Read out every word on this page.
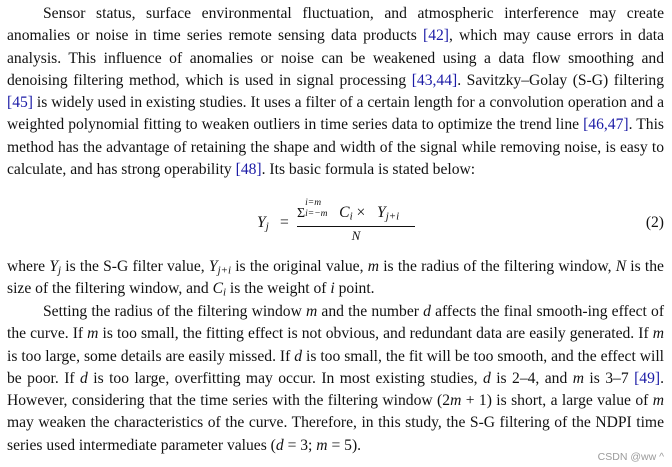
Sensor status, surface environmental fluctuation, and atmospheric interference may create anomalies or noise in time series remote sensing data products [42], which may cause errors in data analysis. This influence of anomalies or noise can be weakened using a data flow smoothing and denoising filtering method, which is used in signal processing [43,44]. Savitzky–Golay (S-G) filtering [45] is widely used in existing studies. It uses a filter of a certain length for a convolution operation and a weighted polynomial fitting to weaken outliers in time series data to optimize the trend line [46,47]. This method has the advantage of retaining the shape and width of the signal while removing noise, is easy to calculate, and has strong operability [48]. Its basic formula is stated below:

$Y_j$ =
Σ
i=m
i=−m $C_i \times Y_{j+i}$
N
(2)

where $Y_j$ is the S-G filter value, $Y_{j+i}$ is the original value, m is the radius of the filtering window, N is the size of the filtering window, and $C_i$ is the weight of i point.

Setting the radius of the filtering window m and the number d affects the final smooth-ing effect of the curve. If m is too small, the fitting effect is not obvious, and redundant data are easily generated. If m is too large, some details are easily missed. If d is too small, the fit will be too smooth, and the effect will be poor. If d is too large, overfitting may occur. In most existing studies, d is 2–4, and m is 3–7 [49]. However, considering that the time series with the filtering window (2m + 1) is short, a large value of m may weaken the characteristics of the curve. Therefore, in this study, the S-G filtering of the NDPI time series used intermediate parameter values (d = 3; m = 5).

CSDN @ww ^
